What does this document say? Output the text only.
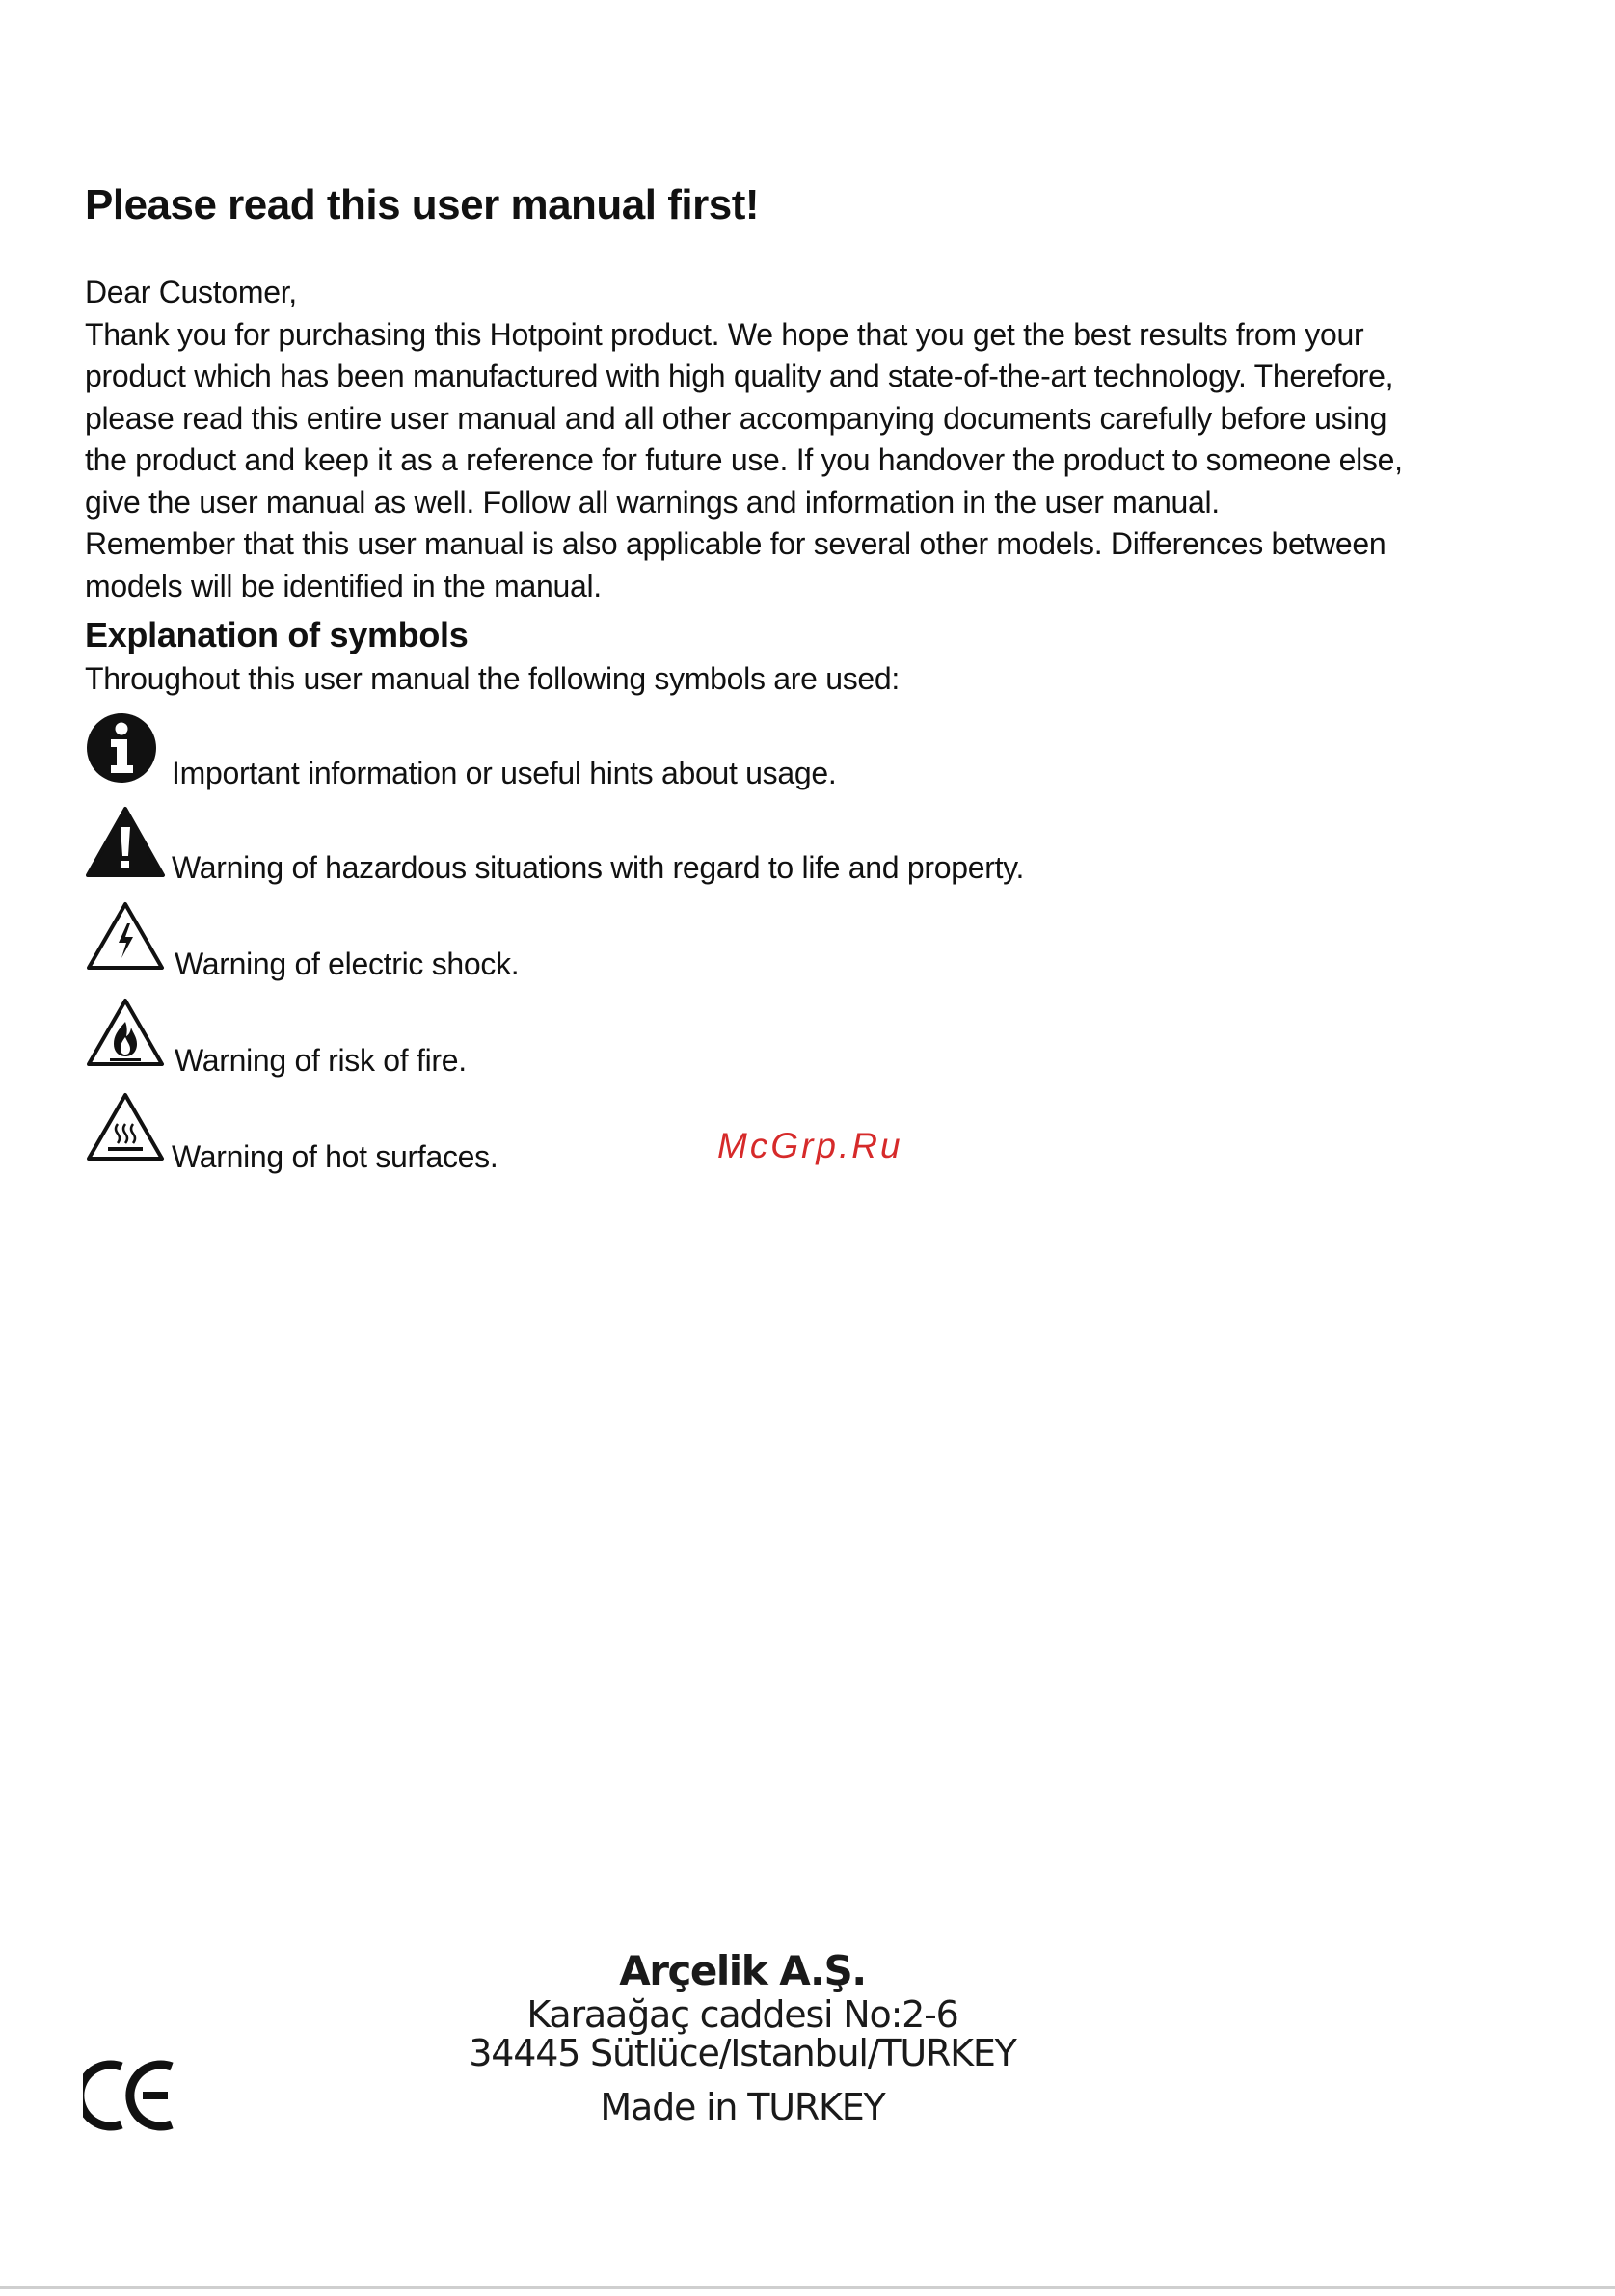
Please read this user manual first!
Dear Customer,
Thank you for purchasing this Hotpoint product. We hope that you get the best results from your
product which has been manufactured with high quality and state-of-the-art technology. Therefore,
please read this entire user manual and all other accompanying documents carefully before using
the product and keep it as a reference for future use. If you handover the product to someone else,
give the user manual as well. Follow all warnings and information in the user manual.
Remember that this user manual is also applicable for several other models. Differences between
models will be identified in the manual.
Explanation of symbols

Throughout this user manual the following symbols are used:

Important information or useful hints about usage.
Warning of hazardous situations with regard to life and property.
Warning of electric shock.
Warning of risk of fire.
Warning of hot surfaces.	McGrp.Ru
Arçelik A.Ş.
Karaağaç caddesi No:2-6
34445 Sütlüce/Istanbul/TURKEY
Made in TURKEY
